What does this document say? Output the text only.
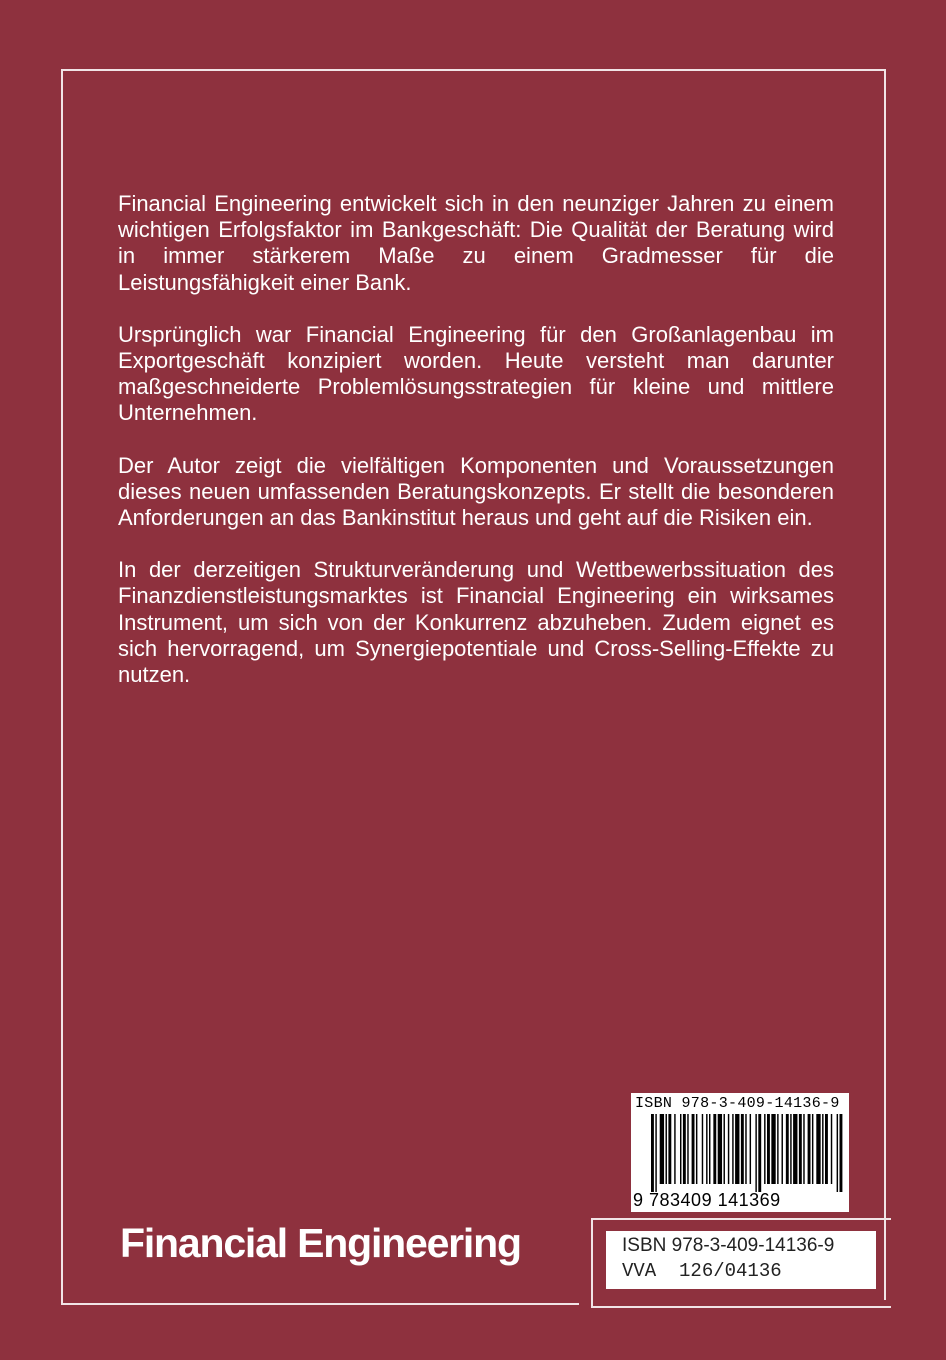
Financial Engineering entwickelt sich in den neunziger Jahren zu einem wichtigen Erfolgsfaktor im Bankgeschäft: Die Qualität der Beratung wird in immer stärkerem Maße zu einem Gradmesser für die Leistungsfähigkeit einer Bank.

Ursprünglich war Financial Engineering für den Großanlagenbau im Exportgeschäft konzipiert worden. Heute versteht man darunter maßgeschneiderte Problemlösungsstrategien für kleine und mittlere Unternehmen.

Der Autor zeigt die vielfältigen Komponenten und Voraussetzungen dieses neuen umfassenden Beratungskonzepts. Er stellt die besonderen Anforderungen an das Bankinstitut heraus und geht auf die Risiken ein.

In der derzeitigen Strukturveränderung und Wettbewerbssituation des Finanzdienstleistungsmarktes ist Financial Engineering ein wirksames Instrument, um sich von der Konkurrenz abzuheben. Zudem eignet es sich hervorragend, um Synergiepotentiale und Cross-Selling-Effekte zu nutzen.

Financial Engineering
ISBN 978-3-409-14136-9
9 783409 141369
ISBN 978-3-409-14136-9
VVA  126/04136
